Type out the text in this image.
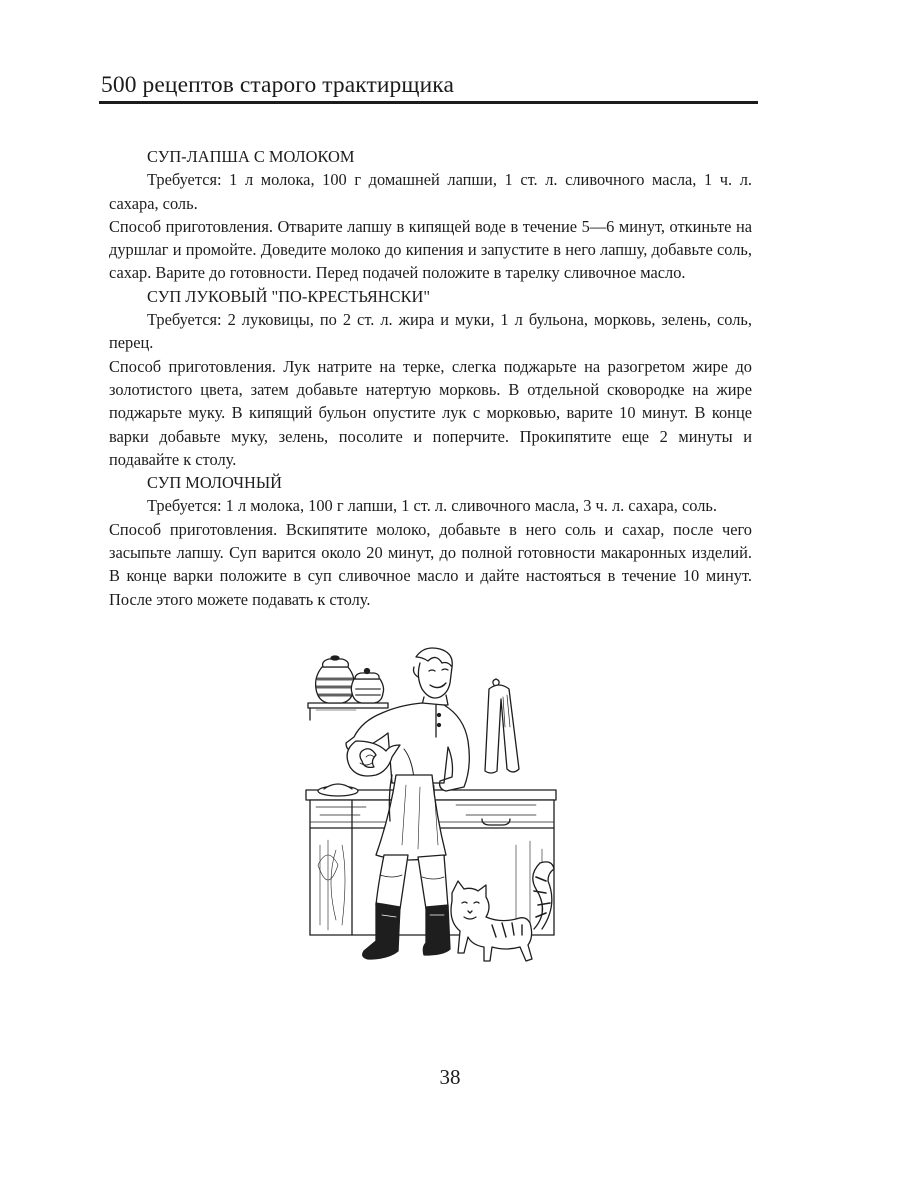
500 рецептов старого трактирщика

СУП-ЛАПША С МОЛОКОМ

Требуется: 1 л молока, 100 г домашней лапши, 1 ст. л. сливочного масла, 1 ч. л. сахара, соль.

Способ приготовления. Отварите лапшу в кипящей воде в течение 5—6 минут, откиньте на дуршлаг и промойте. Доведите молоко до кипения и запустите в него лапшу, добавьте соль, сахар. Варите до готовности. Перед подачей положите в тарелку сливочное масло.

СУП ЛУКОВЫЙ "ПО-КРЕСТЬЯНСКИ"

Требуется: 2 луковицы, по 2 ст. л. жира и муки, 1 л бульона, морковь, зелень, соль, перец.

Способ приготовления. Лук натрите на терке, слегка поджарьте на разогретом жире до золотистого цвета, затем добавьте натертую морковь. В отдельной сковородке на жире поджарьте муку. В кипящий бульон опустите лук с морковью, варите 10 минут. В конце варки добавьте муку, зелень, посолите и поперчите. Прокипятите еще 2 минуты и подавайте к столу.

СУП МОЛОЧНЫЙ

Требуется: 1 л молока, 100 г лапши, 1 ст. л. сливочного масла, 3 ч. л. сахара, соль.

Способ приготовления. Вскипятите молоко, добавьте в него соль и сахар, после чего засыпьте лапшу. Суп варится около 20 минут, до полной готовности макаронных изделий. В конце варки положите в суп сливочное масло и дайте настояться в течение 10 минут. После этого можете подавать к столу.

38
